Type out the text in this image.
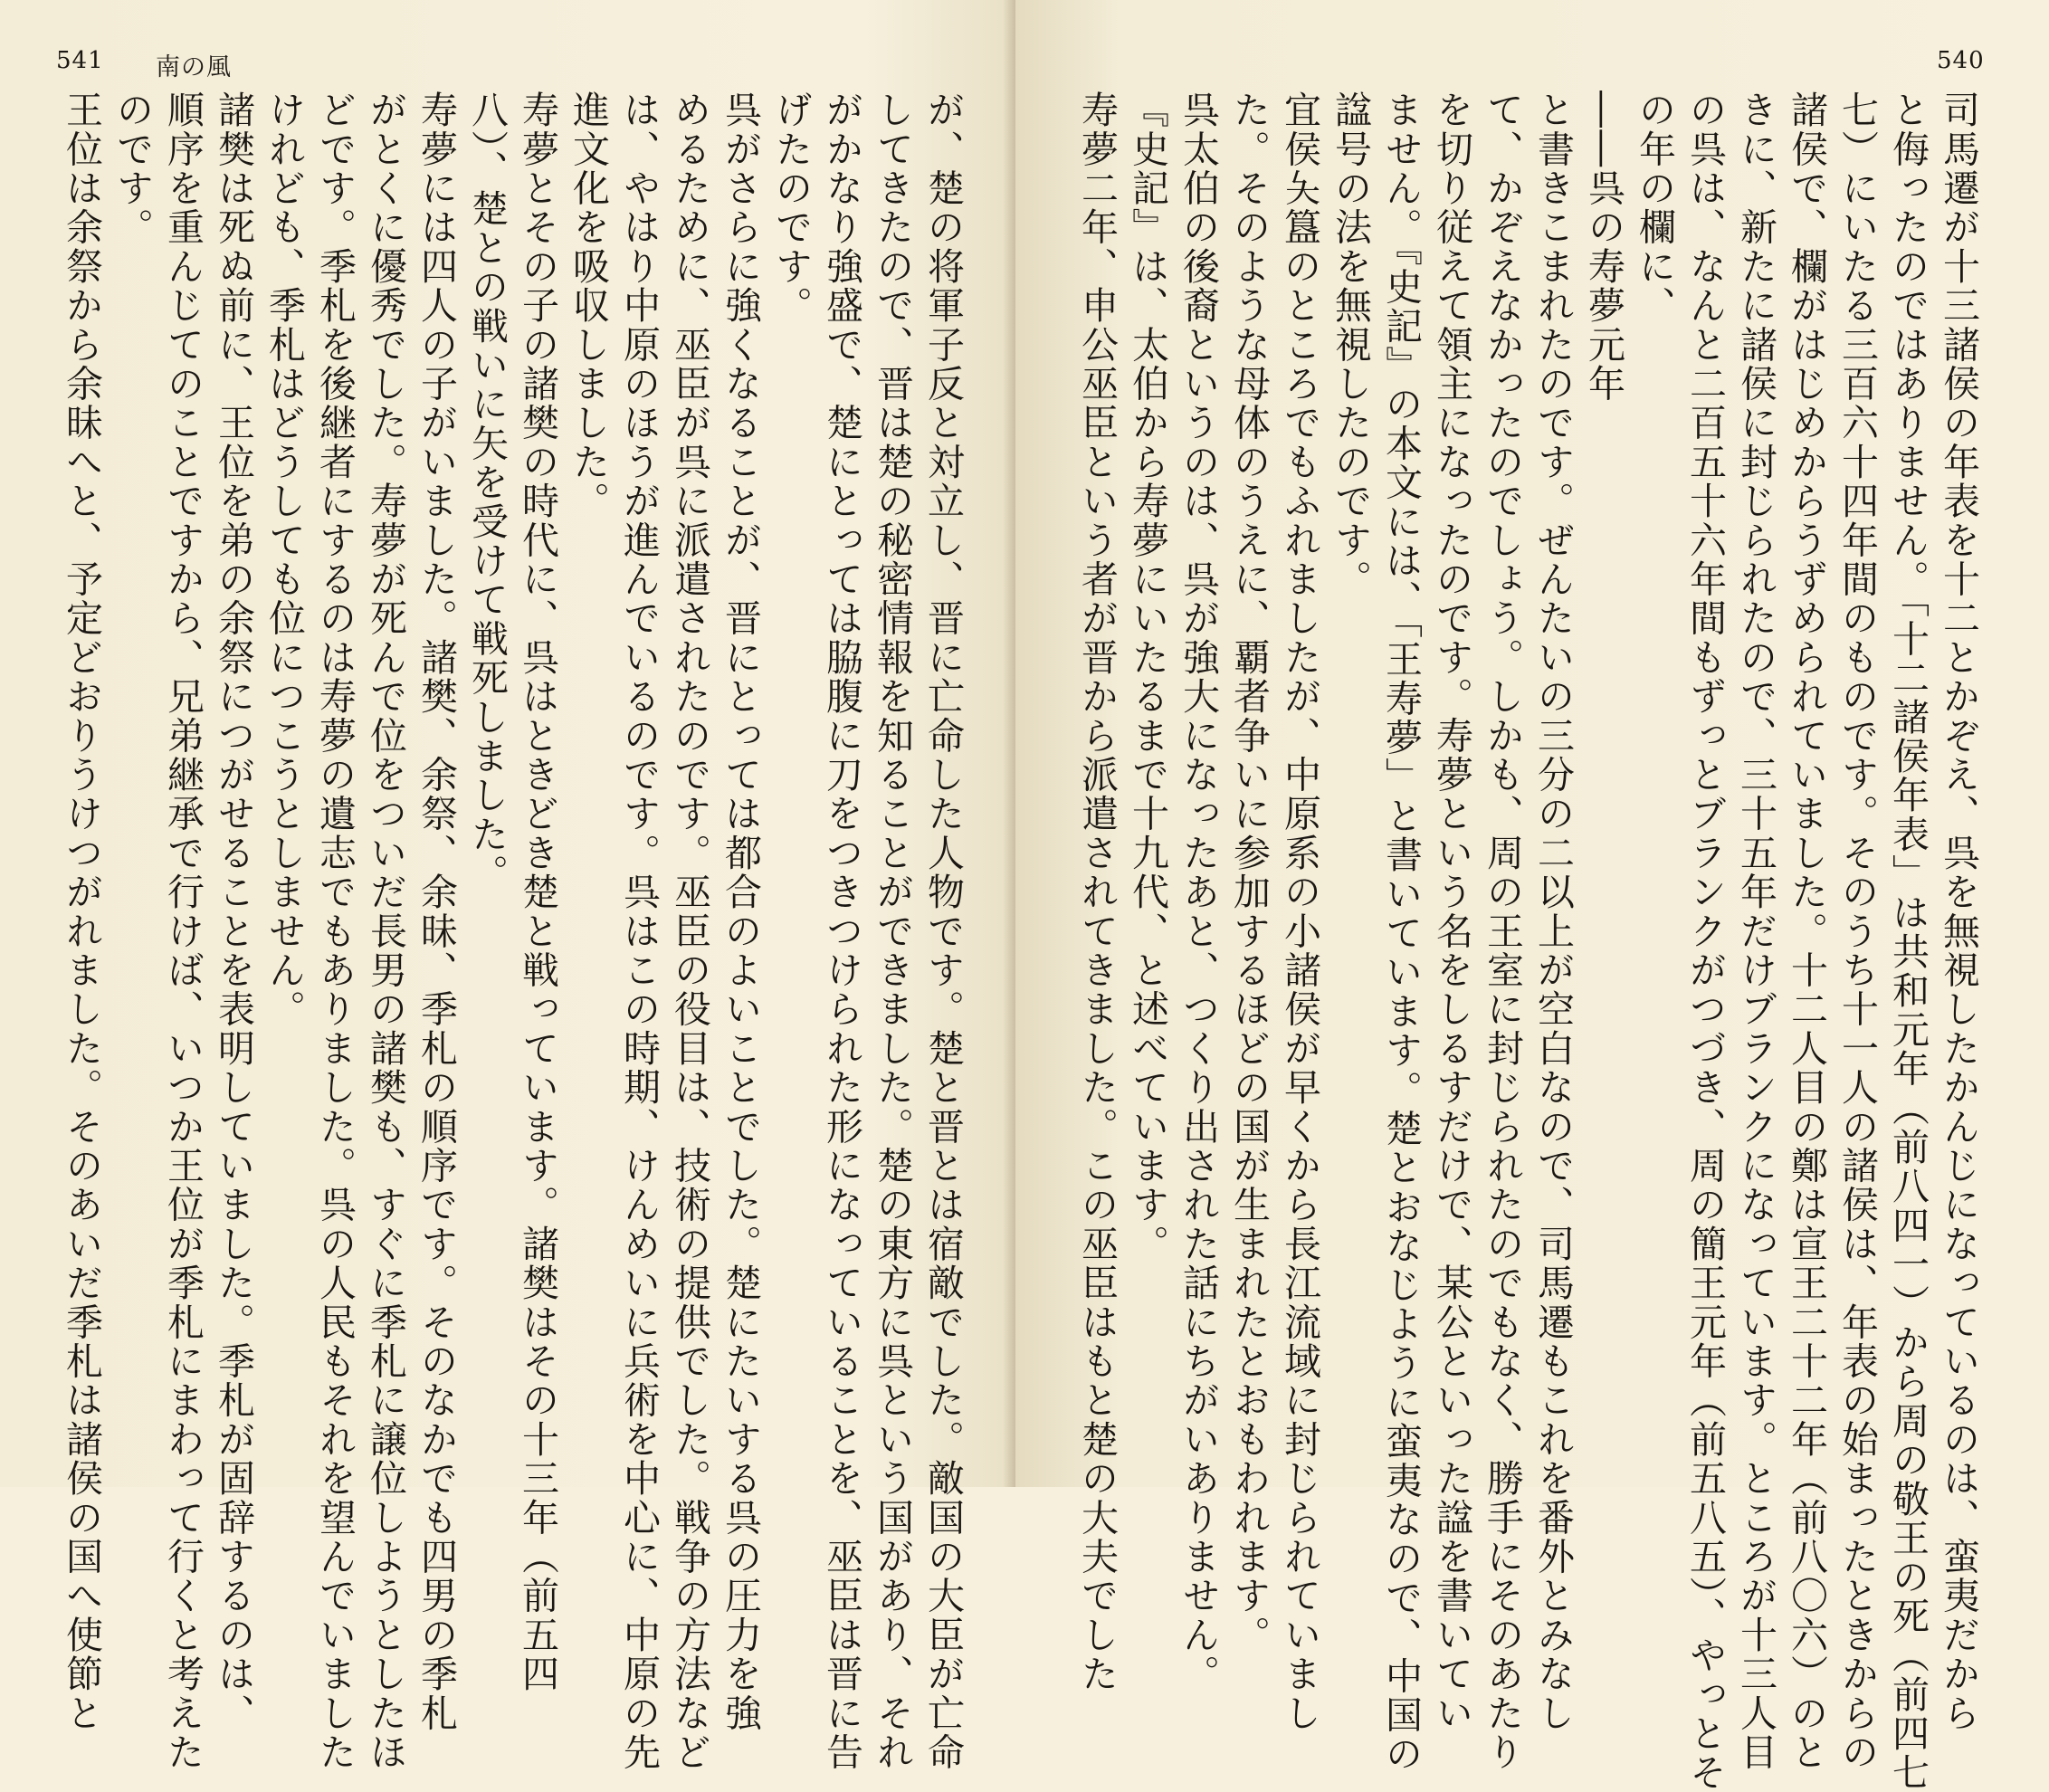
541 南の風
が、楚の将軍子反と対立し、晋に亡命した人物です。楚と晋とは宿敵でした。敵国の大臣が亡命
してきたので、晋は楚の秘密情報を知ることができました。楚の東方に呉という国があり、それ
がかなり強盛で、楚にとっては脇腹に刀をつきつけられた形になっていることを、巫臣は晋に告
げたのです。
呉がさらに強くなることが、晋にとっては都合のよいことでした。楚にたいする呉の圧力を強
めるために、巫臣が呉に派遣されたのです。巫臣の役目は、技術の提供でした。戦争の方法など
は、やはり中原のほうが進んでいるのです。呉はこの時期、けんめいに兵術を中心に、中原の先
進文化を吸収しました。
寿夢とその子の諸樊の時代に、呉はときどき楚と戦っています。諸樊はその十三年（前五四
八）、楚との戦いに矢を受けて戦死しました。
寿夢には四人の子がいました。諸樊、余祭、余昧、季札の順序です。そのなかでも四男の季札
がとくに優秀でした。寿夢が死んで位をついだ長男の諸樊も、すぐに季札に譲位しようとしたほ
どです。季札を後継者にするのは寿夢の遺志でもありました。呉の人民もそれを望んでいました
けれども、季札はどうしても位につこうとしません。
諸樊は死ぬ前に、王位を弟の余祭につがせることを表明していました。季札が固辞するのは、
順序を重んじてのことですから、兄弟継承で行けば、いつか王位が季札にまわって行くと考えた
のです。
王位は余祭から余昧へと、予定どおりうけつがれました。そのあいだ季札は諸侯の国へ使節と	司馬遷が十三諸侯の年表を十二とかぞえ、呉を無視したかんじになっているのは、蛮夷だから
と侮ったのではありません。「十二諸侯年表」は共和元年（前八四一）から周の敬王の死（前四七
七）にいたる三百六十四年間のものです。そのうち十一人の諸侯は、年表の始まったときからの
諸侯で、欄がはじめからうずめられていました。十二人目の鄭は宣王二十二年（前八〇六）のと
きに、新たに諸侯に封じられたので、三十五年だけブランクになっています。ところが十三人目
の呉は、なんと二百五十六年間もずっとブランクがつづき、周の簡王元年（前五八五）、やっとそ
の年の欄に、
――呉の寿夢元年
と書きこまれたのです。ぜんたいの三分の二以上が空白なので、司馬遷もこれを番外とみなし
て、かぞえなかったのでしょう。しかも、周の王室に封じられたのでもなく、勝手にそのあたり
を切り従えて領主になったのです。寿夢という名をしるすだけで、某公といった諡を書いてい
ません。『史記』の本文には、「王寿夢」と書いています。楚とおなじように蛮夷なので、中国の
諡号の法を無視したのです。
宜侯夨簋のところでもふれましたが、中原系の小諸侯が早くから長江流域に封じられていまし
た。そのような母体のうえに、覇者争いに参加するほどの国が生まれたとおもわれます。
呉太伯の後裔というのは、呉が強大になったあと、つくり出された話にちがいありません。
『史記』は、太伯から寿夢にいたるまで十九代、と述べています。
寿夢二年、申公巫臣という者が晋から派遣されてきました。この巫臣はもと楚の大夫でした
540
